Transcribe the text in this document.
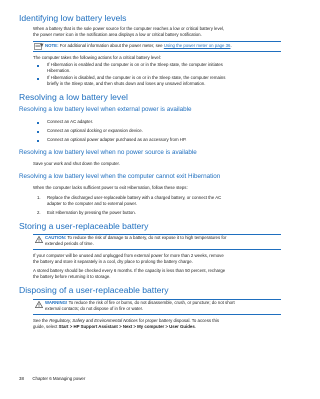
Identifying low battery levels
When a battery that is the sole power source for the computer reaches a low or critical battery level,
the power meter icon in the notification area displays a low or critical battery notification.
NOTE: For additional information about the power meter, see Using the power meter on page 36.
The computer takes the following actions for a critical battery level:
If Hibernation is enabled and the computer is on or in the Sleep state, the computer initiates
Hibernation.
If Hibernation is disabled, and the computer is on or in the Sleep state, the computer remains
briefly in the Sleep state, and then shuts down and loses any unsaved information.
Resolving a low battery level
Resolving a low battery level when external power is available
Connect an AC adapter.
Connect an optional docking or expansion device.
Connect an optional power adapter purchased as an accessory from HP.
Resolving a low battery level when no power source is available
Save your work and shut down the computer.
Resolving a low battery level when the computer cannot exit Hibernation
When the computer lacks sufficient power to exit Hibernation, follow these steps:
1. Replace the discharged user-replaceable battery with a charged battery, or connect the AC
adapter to the computer and to external power.
2. Exit Hibernation by pressing the power button.
Storing a user-replaceable battery
CAUTION: To reduce the risk of damage to a battery, do not expose it to high temperatures for
extended periods of time.
If your computer will be unused and unplugged from external power for more than 2 weeks, remove
the battery and store it separately in a cool, dry place to prolong the battery charge.
A stored battery should be checked every 6 months. If the capacity is less than 50 percent, recharge
the battery before returning it to storage.
Disposing of a user-replaceable battery
WARNING! To reduce the risk of fire or burns, do not disassemble, crush, or puncture; do not short
external contacts; do not dispose of in fire or water.
See the Regulatory, Safety and Environmental Notices for proper battery disposal. To access this
guide, select Start > HP Support Assistant > Next > My computer > User Guides.
38 Chapter 6 Managing power
